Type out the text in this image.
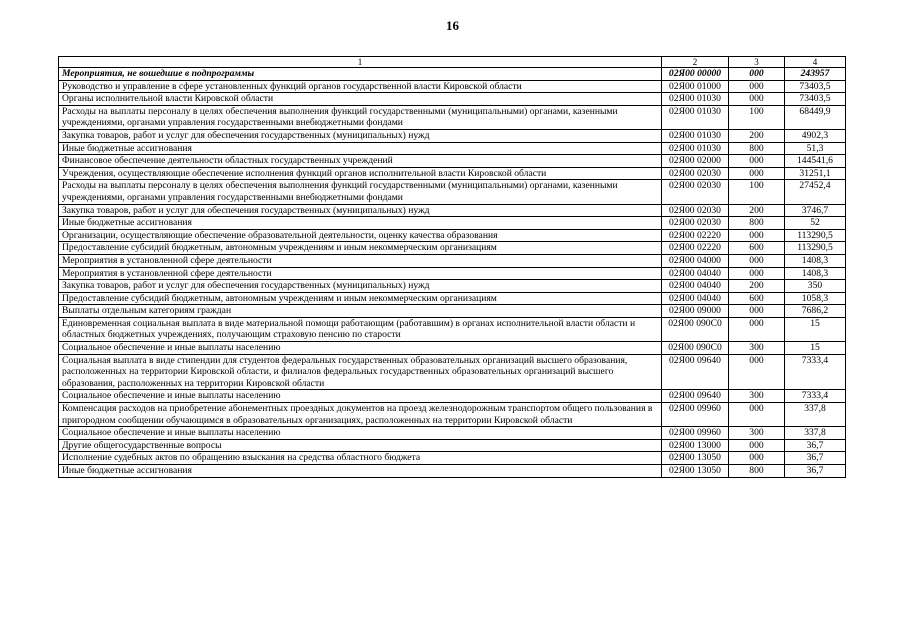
16
1	2	3	4
Мероприятия, не вошедшие в подпрограммы	02Я00 00000	000	243957
Руководство и управление в сфере установленных функций органов государственной власти Кировской области	02Я00 01000	000	73403,5
Органы исполнительной власти Кировской области	02Я00 01030	000	73403,5
Расходы на выплаты персоналу в целях обеспечения выполнения функций государственными (муниципальными) органами, казенными учреждениями, органами управления государственными внебюджетными фондами	02Я00 01030	100	68449,9
Закупка товаров, работ и услуг для обеспечения государственных (муниципальных) нужд	02Я00 01030	200	4902,3
Иные бюджетные ассигнования	02Я00 01030	800	51,3
Финансовое обеспечение деятельности областных государственных учреждений	02Я00 02000	000	144541,6
Учреждения, осуществляющие обеспечение исполнения функций органов исполнительной власти Кировской области	02Я00 02030	000	31251,1
Расходы на выплаты персоналу в целях обеспечения выполнения функций государственными (муниципальными) органами, казенными учреждениями, органами управления государственными внебюджетными фондами	02Я00 02030	100	27452,4
Закупка товаров, работ и услуг для обеспечения государственных (муниципальных) нужд	02Я00 02030	200	3746,7
Иные бюджетные ассигнования	02Я00 02030	800	52
Организации, осуществляющие обеспечение образовательной деятельности, оценку качества образования	02Я00 02220	000	113290,5
Предоставление субсидий бюджетным, автономным учреждениям и иным некоммерческим организациям	02Я00 02220	600	113290,5
Мероприятия в установленной сфере деятельности	02Я00 04000	000	1408,3
Мероприятия в установленной сфере деятельности	02Я00 04040	000	1408,3
Закупка товаров, работ и услуг для обеспечения государственных (муниципальных) нужд	02Я00 04040	200	350
Предоставление субсидий бюджетным, автономным учреждениям и иным некоммерческим организациям	02Я00 04040	600	1058,3
Выплаты отдельным категориям граждан	02Я00 09000	000	7686,2
Единовременная социальная выплата в виде материальной помощи работающим (работавшим) в органах исполнительной власти области и областных бюджетных учреждениях, получающим страховую пенсию по старости	02Я00 090С0	000	15
Социальное обеспечение и иные выплаты населению	02Я00 090С0	300	15
Социальная выплата в виде стипендии для студентов федеральных государственных образовательных организаций высшего образования, расположенных на территории Кировской области, и филиалов федеральных государственных образовательных организаций высшего образования, расположенных на территории Кировской области	02Я00 09640	000	7333,4
Социальное обеспечение и иные выплаты населению	02Я00 09640	300	7333,4
Компенсация расходов на приобретение абонементных проездных документов на проезд железнодорожным транспортом общего пользования в пригородном сообщении обучающимся в образовательных организациях, расположенных на территории Кировской области	02Я00 09960	000	337,8
Социальное обеспечение и иные выплаты населению	02Я00 09960	300	337,8
Другие общегосударственные вопросы	02Я00 13000	000	36,7
Исполнение судебных актов по обращению взыскания на средства областного бюджета	02Я00 13050	000	36,7
Иные бюджетные ассигнования	02Я00 13050	800	36,7
